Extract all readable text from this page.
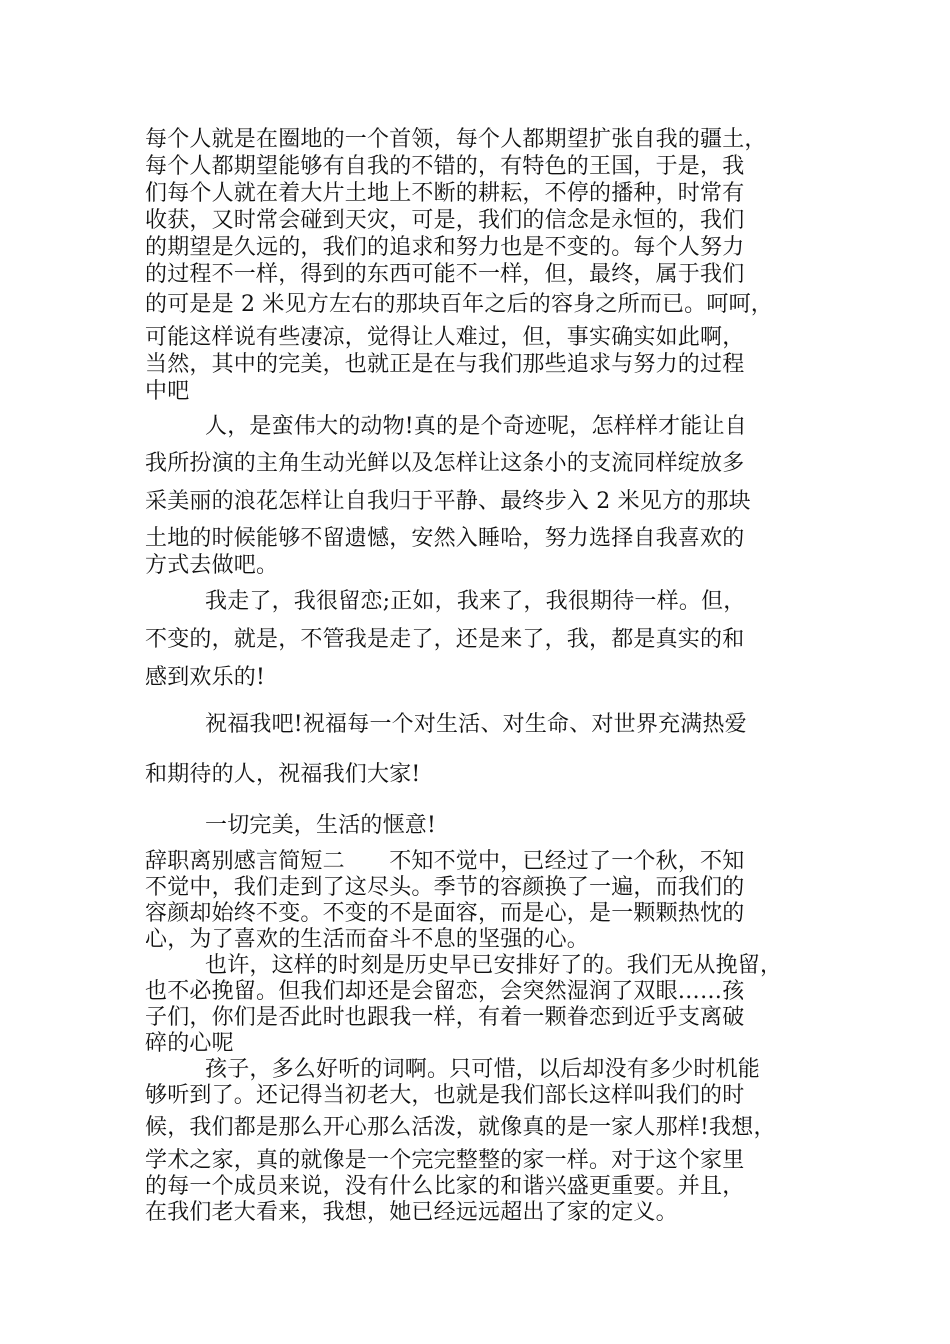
每个人就是在圈地的一个首领，每个人都期望扩张自我的疆土，
每个人都期望能够有自我的不错的，有特色的王国，于是，我
们每个人就在着大片土地上不断的耕耘，不停的播种，时常有
收获，又时常会碰到天灾，可是，我们的信念是永恒的，我们
的期望是久远的，我们的追求和努力也是不变的。每个人努力
的过程不一样，得到的东西可能不一样，但，最终，属于我们
的可是是 2 米见方左右的那块百年之后的容身之所而已。呵呵，
可能这样说有些凄凉，觉得让人难过，但，事实确实如此啊，
当然，其中的完美，也就正是在与我们那些追求与努力的过程
中吧
人，是蛮伟大的动物!真的是个奇迹呢，怎样样才能让自
我所扮演的主角生动光鲜以及怎样让这条小的支流同样绽放多
采美丽的浪花怎样让自我归于平静、最终步入 2 米见方的那块
土地的时候能够不留遗憾，安然入睡哈，努力选择自我喜欢的
方式去做吧。
我走了，我很留恋;正如，我来了，我很期待一样。但，
不变的，就是，不管我是走了，还是来了，我，都是真实的和
感到欢乐的!
祝福我吧!祝福每一个对生活、对生命、对世界充满热爱
和期待的人，祝福我们大家!
一切完美，生活的惬意!
辞职离别感言简短二　　不知不觉中，已经过了一个秋，不知
不觉中，我们走到了这尽头。季节的容颜换了一遍，而我们的
容颜却始终不变。不变的不是面容，而是心，是一颗颗热忱的
心，为了喜欢的生活而奋斗不息的坚强的心。
也许，这样的时刻是历史早已安排好了的。我们无从挽留，
也不必挽留。但我们却还是会留恋，会突然湿润了双眼……孩
子们，你们是否此时也跟我一样，有着一颗眷恋到近乎支离破
碎的心呢
孩子，多么好听的词啊。只可惜，以后却没有多少时机能
够听到了。还记得当初老大，也就是我们部长这样叫我们的时
候，我们都是那么开心那么活泼，就像真的是一家人那样!我想，
学术之家，真的就像是一个完完整整的家一样。对于这个家里
的每一个成员来说，没有什么比家的和谐兴盛更重要。并且，
在我们老大看来，我想，她已经远远超出了家的定义。
